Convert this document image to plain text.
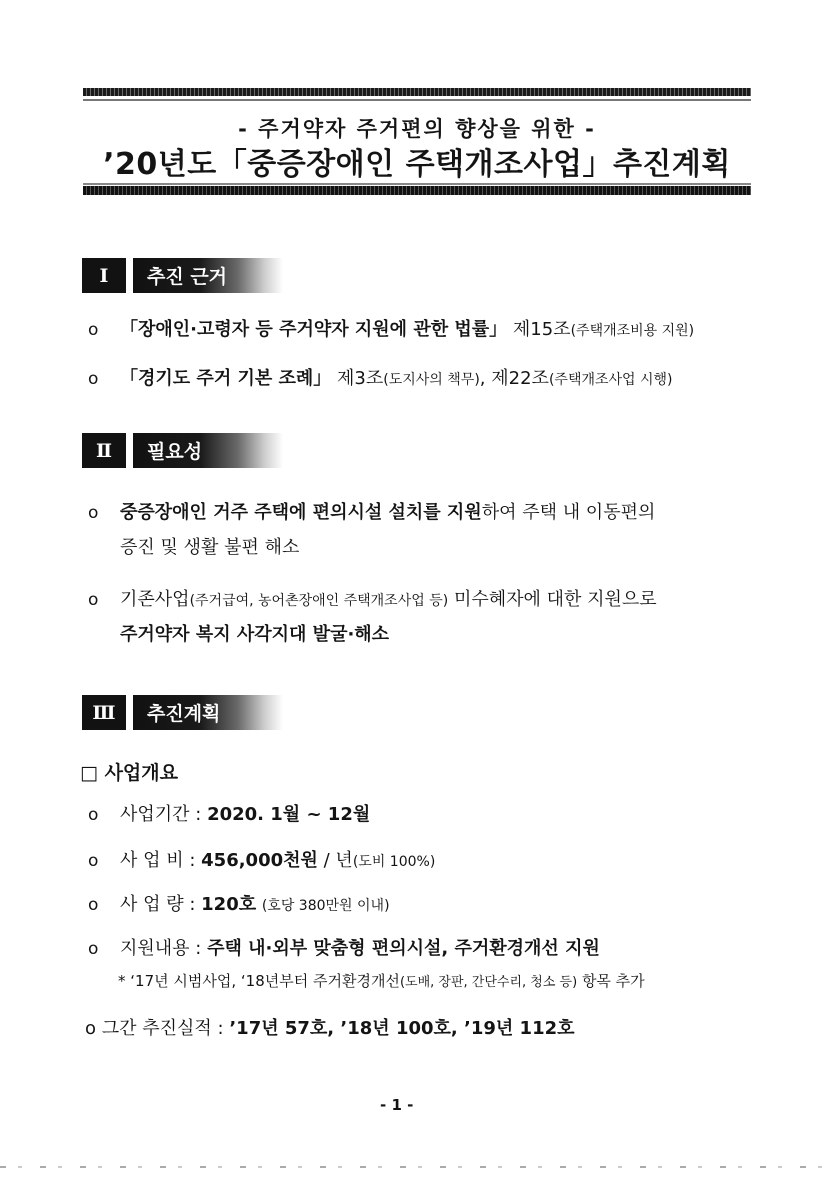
- 주거약자 주거편의 향상을 위한 -
’20년도「중증장애인 주택개조사업」추진계획
Ⅰ	추진 근거
o 「장애인·고령자 등 주거약자 지원에 관한 법률」 제15조(주택개조비용 지원)
o 「경기도 주거 기본 조례」 제3조(도지사의 책무), 제22조(주택개조사업 시행)
Ⅱ	필요성
o 중증장애인 거주 주택에 편의시설 설치를 지원하여 주택 내 이동편의
증진 및 생활 불편 해소
o 기존사업(주거급여, 농어촌장애인 주택개조사업 등) 미수혜자에 대한 지원으로
주거약자 복지 사각지대 발굴·해소
Ⅲ	추진계획
□ 사업개요
o 사업기간 : 2020. 1월 ~ 12월
o 사 업 비 : 456,000천원 / 년(도비 100%)
o 사 업 량 : 120호 (호당 380만원 이내)
o 지원내용 : 주택 내·외부 맞춤형 편의시설, 주거환경개선 지원
* ‘17년 시범사업, ‘18년부터 주거환경개선(도배, 장판, 간단수리, 청소 등) 항목 추가
o 그간 추진실적 : ’17년 57호, ’18년 100호, ’19년 112호
- 1 -
